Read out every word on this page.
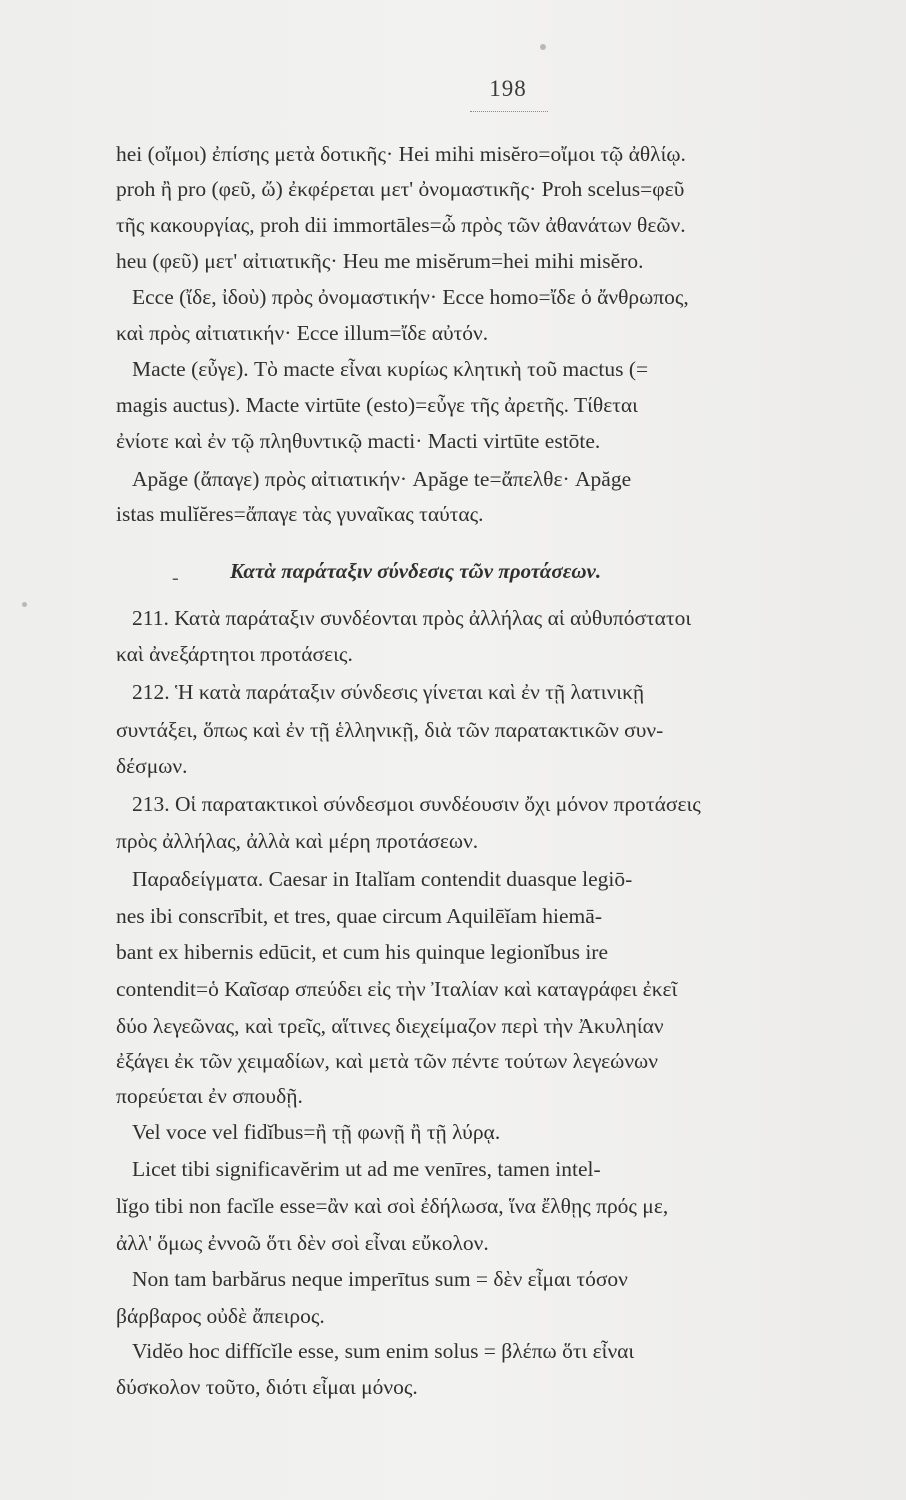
198
hei (οἴμοι) ἐπίσης μετὰ δοτικῆς· Hei mihi misĕro=οἴμοι τῷ ἀθλίῳ.
proh ἢ pro (φεῦ, ὤ) ἐκφέρεται μετ' ὀνομαστικῆς· Proh scelus=φεῦ
τῆς κακουργίας, proh dii immortāles=ὦ πρὸς τῶν ἀθανάτων θεῶν.
heu (φεῦ) μετ' αἰτιατικῆς· Heu me misĕrum=hei mihi misĕro.
Ecce (ἴδε, ἰδοὺ) πρὸς ὀνομαστικήν· Ecce homo=ἴδε ὁ ἄνθρωπος,
καὶ πρὸς αἰτιατικήν· Ecce illum=ἴδε αὐτόν.
Macte (εὖγε). Τὸ macte εἶναι κυρίως κλητικὴ τοῦ mactus (=
magis auctus). Macte virtūte (esto)=εὖγε τῆς ἀρετῆς. Τίθεται
ἐνίοτε καὶ ἐν τῷ πληθυντικῷ macti· Macti virtūte estōte.
Apăge (ἄπαγε) πρὸς αἰτιατικήν· Apăge te=ἄπελθε· Apăge
istas mulĭĕres=ἄπαγε τὰς γυναῖκας ταύτας.
- Κατὰ παράταξιν σύνδεσις τῶν προτάσεων.
211. Κατὰ παράταξιν συνδέονται πρὸς ἀλλήλας αἱ αὐθυπόστατοι
καὶ ἀνεξάρτητοι προτάσεις.
212. Ἡ κατὰ παράταξιν σύνδεσις γίνεται καὶ ἐν τῇ λατινικῇ
συντάξει, ὅπως καὶ ἐν τῇ ἑλληνικῇ, διὰ τῶν παρατακτικῶν συν-
δέσμων.
213. Οἱ παρατακτικοὶ σύνδεσμοι συνδέουσιν ὄχι μόνον προτάσεις
πρὸς ἀλλήλας, ἀλλὰ καὶ μέρη προτάσεων.
Παραδείγματα. Caesar in Italĭam contendit duasque legiō-
nes ibi conscrībit, et tres, quae circum Aquilēĭam hiemā-
bant ex hibernis edūcit, et cum his quinque legionĭbus ire
contendit=ὁ Καῖσαρ σπεύδει εἰς τὴν Ἰταλίαν καὶ καταγράφει ἐκεῖ
δύο λεγεῶνας, καὶ τρεῖς, αἵτινες διεχείμαζον περὶ τὴν Ἀκυληίαν
ἐξάγει ἐκ τῶν χειμαδίων, καὶ μετὰ τῶν πέντε τούτων λεγεώνων
πορεύεται ἐν σπουδῇ.
Vel voce vel fidĭbus=ἢ τῇ φωνῇ ἢ τῇ λύρᾳ.
Licet tibi significavĕrim ut ad me venīres, tamen intel-
lĭgo tibi non facĭle esse=ἂν καὶ σοὶ ἐδήλωσα, ἵνα ἔλθῃς πρός με,
ἀλλ' ὅμως ἐννοῶ ὅτι δὲν σοὶ εἶναι εὔκολον.
Non tam barbărus neque imperītus sum = δὲν εἶμαι τόσον
βάρβαρος οὐδὲ ἄπειρος.
Vidĕo hoc diffĭcĭle esse, sum enim solus = βλέπω ὅτι εἶναι
δύσκολον τοῦτο, διότι εἶμαι μόνος.
